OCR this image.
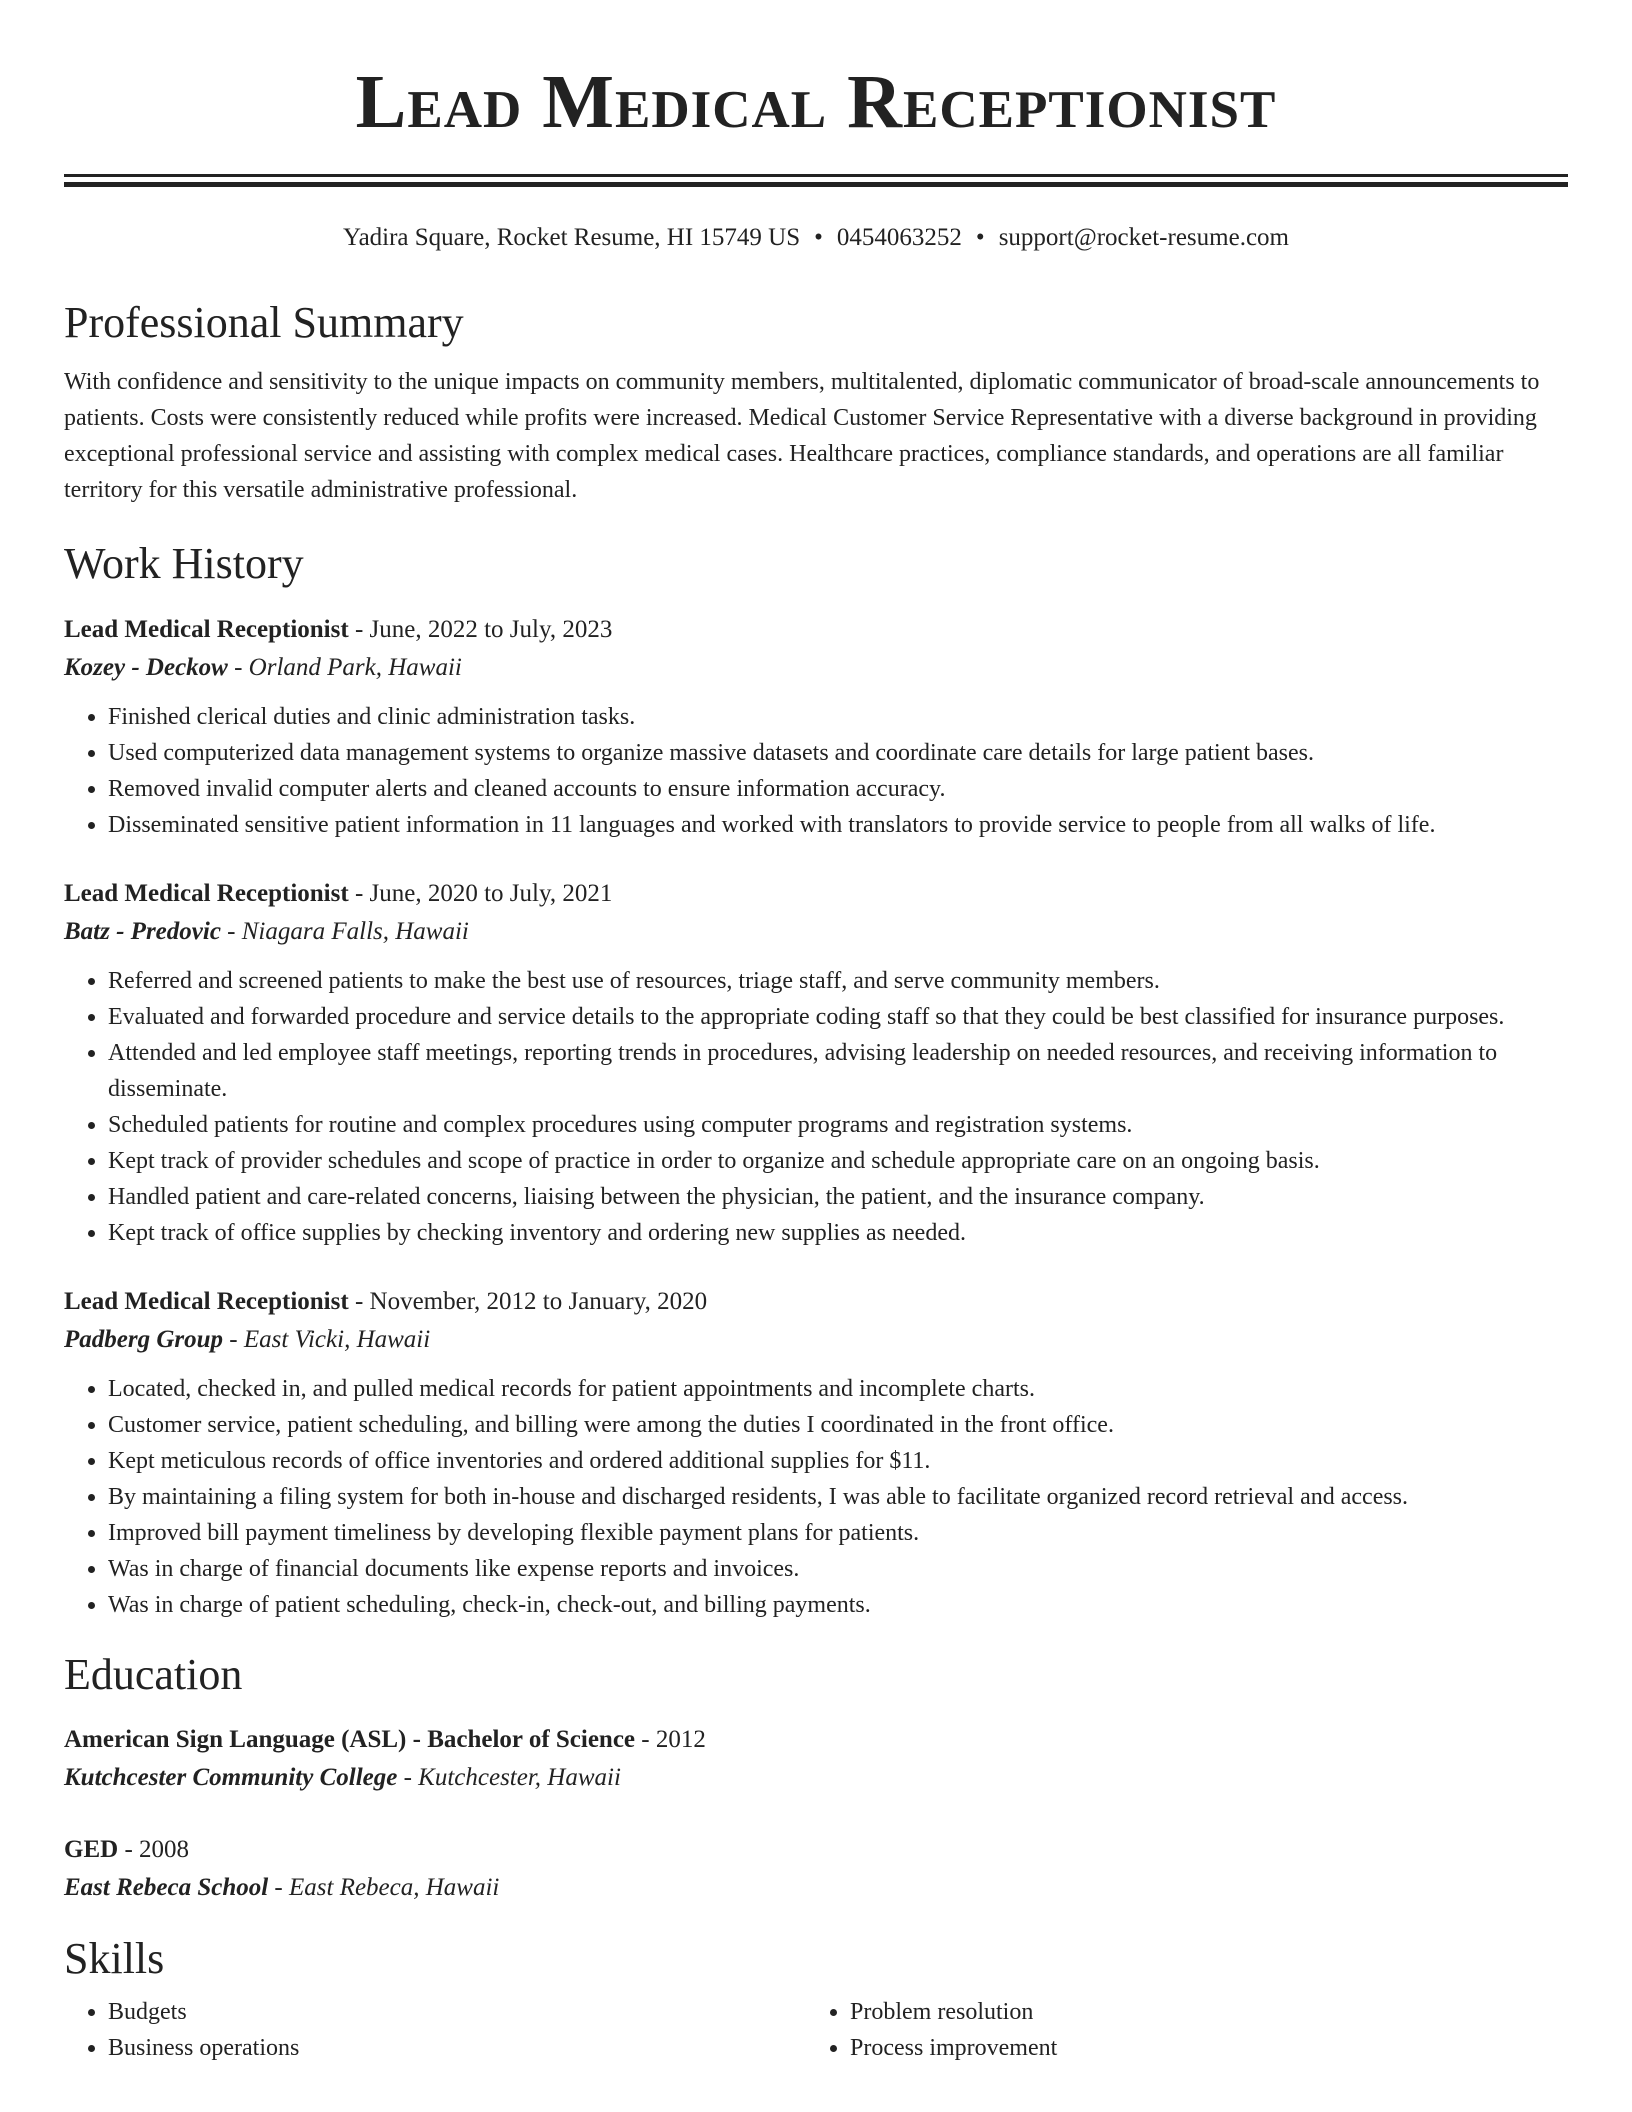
Lead Medical Receptionist
Yadira Square, Rocket Resume, HI 15749 US • 0454063252 • support@rocket-resume.com
Professional Summary
With confidence and sensitivity to the unique impacts on community members, multitalented, diplomatic communicator of broad-scale announcements to patients. Costs were consistently reduced while profits were increased. Medical Customer Service Representative with a diverse background in providing exceptional professional service and assisting with complex medical cases. Healthcare practices, compliance standards, and operations are all familiar territory for this versatile administrative professional.
Work History
Lead Medical Receptionist - June, 2022 to July, 2023
Kozey - Deckow - Orland Park, Hawaii
• Finished clerical duties and clinic administration tasks.
• Used computerized data management systems to organize massive datasets and coordinate care details for large patient bases.
• Removed invalid computer alerts and cleaned accounts to ensure information accuracy.
• Disseminated sensitive patient information in 11 languages and worked with translators to provide service to people from all walks of life.
Lead Medical Receptionist - June, 2020 to July, 2021
Batz - Predovic - Niagara Falls, Hawaii
• Referred and screened patients to make the best use of resources, triage staff, and serve community members.
• Evaluated and forwarded procedure and service details to the appropriate coding staff so that they could be best classified for insurance purposes.
• Attended and led employee staff meetings, reporting trends in procedures, advising leadership on needed resources, and receiving information to disseminate.
• Scheduled patients for routine and complex procedures using computer programs and registration systems.
• Kept track of provider schedules and scope of practice in order to organize and schedule appropriate care on an ongoing basis.
• Handled patient and care-related concerns, liaising between the physician, the patient, and the insurance company.
• Kept track of office supplies by checking inventory and ordering new supplies as needed.
Lead Medical Receptionist - November, 2012 to January, 2020
Padberg Group - East Vicki, Hawaii
• Located, checked in, and pulled medical records for patient appointments and incomplete charts.
• Customer service, patient scheduling, and billing were among the duties I coordinated in the front office.
• Kept meticulous records of office inventories and ordered additional supplies for $11.
• By maintaining a filing system for both in-house and discharged residents, I was able to facilitate organized record retrieval and access.
• Improved bill payment timeliness by developing flexible payment plans for patients.
• Was in charge of financial documents like expense reports and invoices.
• Was in charge of patient scheduling, check-in, check-out, and billing payments.
Education
American Sign Language (ASL) - Bachelor of Science - 2012
Kutchcester Community College - Kutchcester, Hawaii
GED - 2008
East Rebeca School - East Rebeca, Hawaii
Skills
• Budgets
• Business operations
• Problem resolution
• Process improvement
